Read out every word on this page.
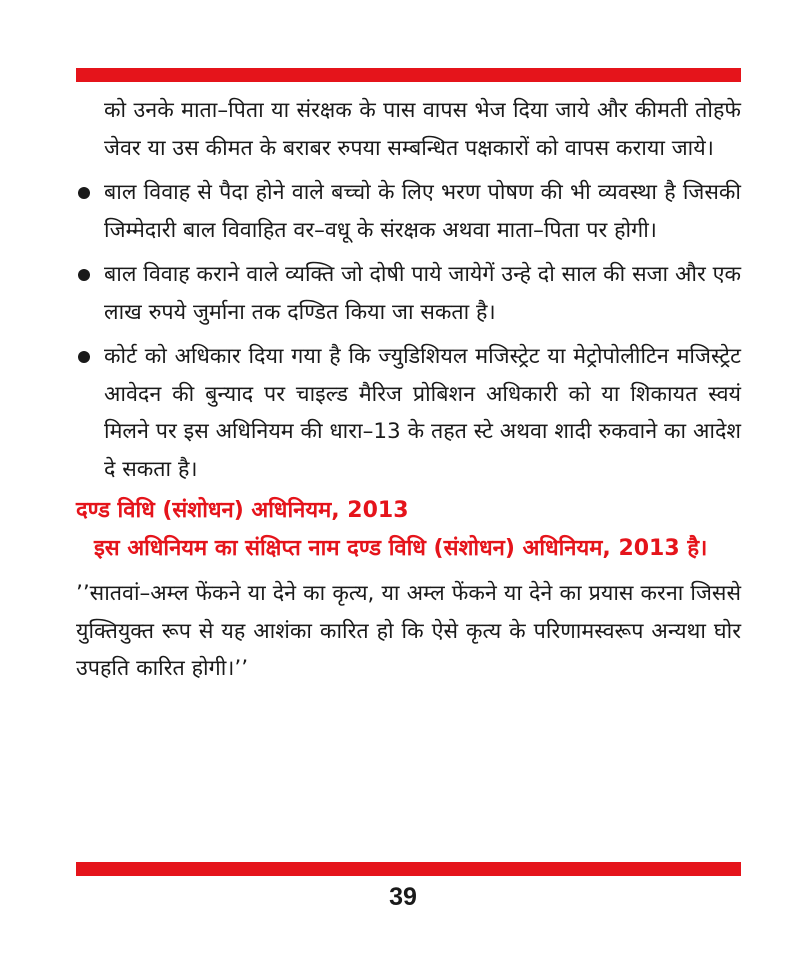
को उनके माता–पिता या संरक्षक के पास वापस भेज दिया जाये और कीमती तोहफे जेवर या उस कीमत के बराबर रुपया सम्बन्धित पक्षकारों को वापस कराया जाये।

बाल विवाह से पैदा होने वाले बच्चो के लिए भरण पोषण की भी व्यवस्था है जिसकी जिम्मेदारी बाल विवाहित वर–वधू के संरक्षक अथवा माता–पिता पर होगी।

बाल विवाह कराने वाले व्यक्ति जो दोषी पाये जायेगें उन्हे दो साल की सजा और एक लाख रुपये जुर्माना तक दण्डित किया जा सकता है।

कोर्ट को अधिकार दिया गया है कि ज्युडिशियल मजिस्ट्रेट या मेट्रोपोलीटिन मजिस्ट्रेट आवेदन की बुन्याद पर चाइल्ड मैरिज प्रोबिशन अधिकारी को या शिकायत स्वयं मिलने पर इस अधिनियम की धारा–13 के तहत स्टे अथवा शादी रुकवाने का आदेश दे सकता है।

दण्ड विधि (संशोधन) अधिनियम, 2013
इस अधिनियम का संक्षिप्त नाम दण्ड विधि (संशोधन) अधिनियम, 2013 है।

’’सातवां–अम्ल फेंकने या देने का कृत्य, या अम्ल फेंकने या देने का प्रयास करना जिससे युक्तियुक्त रूप से यह आशंका कारित हो कि ऐसे कृत्य के परिणामस्वरूप अन्यथा घोर उपहति कारित होगी।’’

39
